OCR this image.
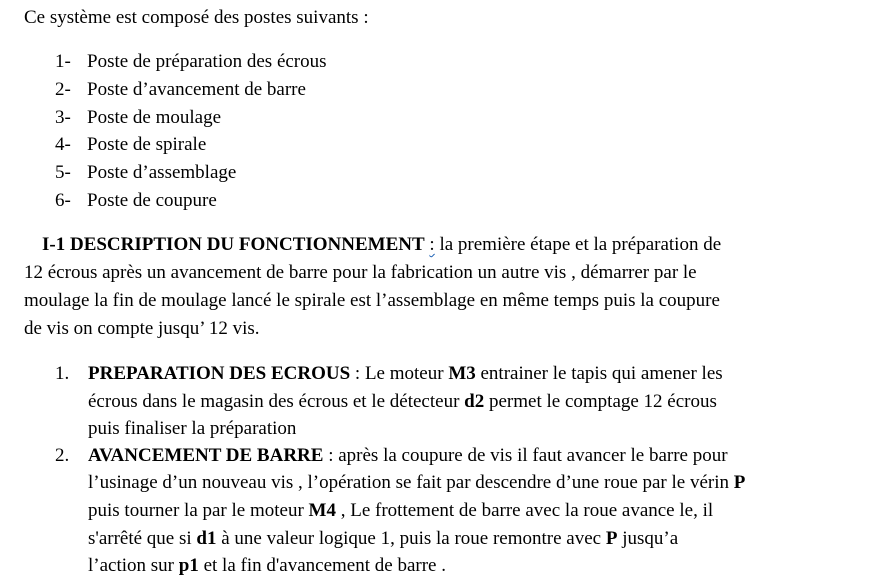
Ce système est composé des postes suivants :
1- Poste de préparation des écrous
2- Poste d’avancement de barre
3- Poste de moulage
4- Poste de spirale
5- Poste d’assemblage
6- Poste de coupure
I-1 DESCRIPTION DU FONCTIONNEMENT : la première étape et la préparation de
12 écrous après un avancement de barre pour la fabrication un autre vis , démarrer par le
moulage la fin de moulage lancé le spirale est l’assemblage en même temps puis la coupure
de vis on compte jusqu’ 12 vis.
1. PREPARATION DES ECROUS : Le moteur M3 entrainer le tapis qui amener les
écrous dans le magasin des écrous et le détecteur d2 permet le comptage 12 écrous
puis finaliser la préparation
2. AVANCEMENT DE BARRE : après la coupure de vis il faut avancer le barre pour
l’usinage d’un nouveau vis , l’opération se fait par descendre d’une roue par le vérin P
puis tourner la par le moteur M4 , Le frottement de barre avec la roue avance le, il
s'arrêté que si d1 à une valeur logique 1, puis la roue remontre avec P jusqu’a
l’action sur p1 et la fin d'avancement de barre .
